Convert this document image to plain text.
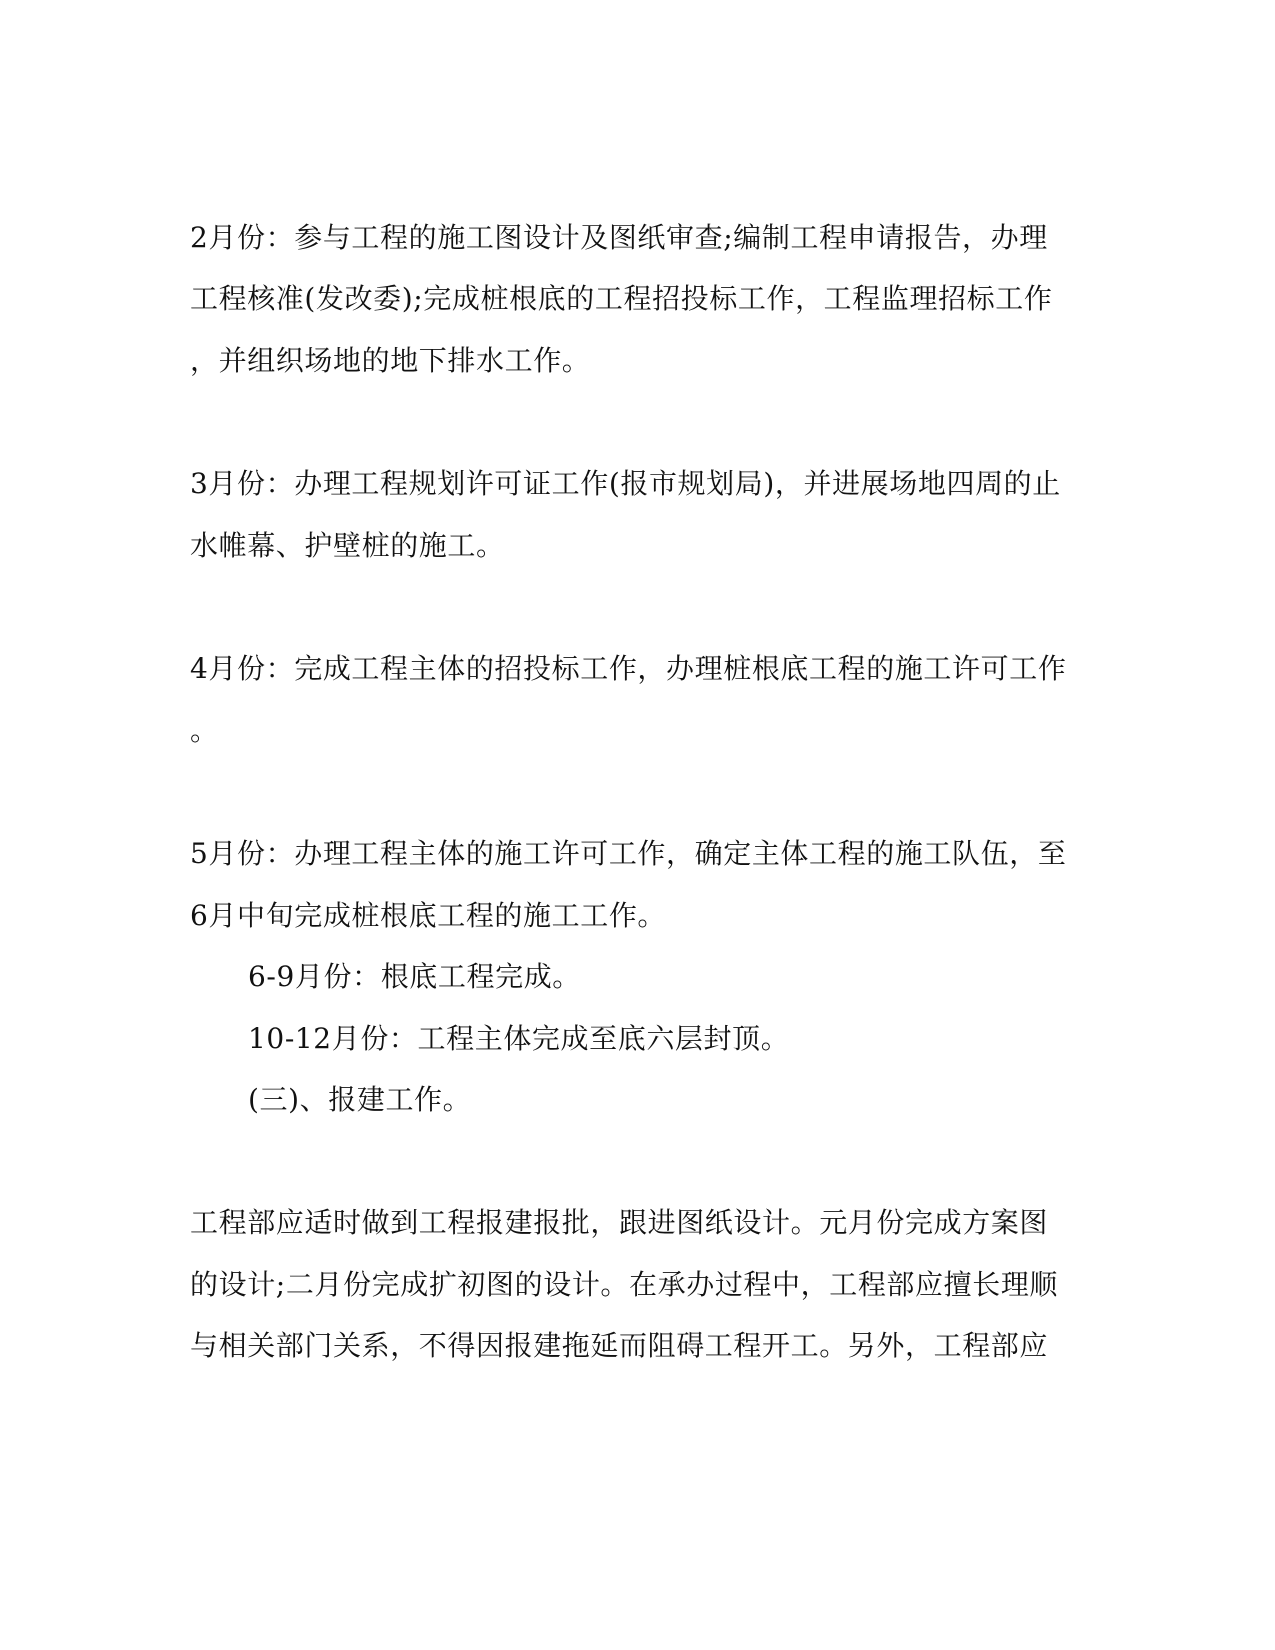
2月份：参与工程的施工图设计及图纸审查;编制工程申请报告，办理
工程核准(发改委);完成桩根底的工程招投标工作，工程监理招标工作
，并组织场地的地下排水工作。
3月份：办理工程规划许可证工作(报市规划局)，并进展场地四周的止
水帷幕、护壁桩的施工。
4月份：完成工程主体的招投标工作，办理桩根底工程的施工许可工作
。
5月份：办理工程主体的施工许可工作，确定主体工程的施工队伍，至
6月中旬完成桩根底工程的施工工作。
6-9月份：根底工程完成。
10-12月份：工程主体完成至底六层封顶。
(三)、报建工作。
工程部应适时做到工程报建报批，跟进图纸设计。元月份完成方案图
的设计;二月份完成扩初图的设计。在承办过程中，工程部应擅长理顺
与相关部门关系，不得因报建拖延而阻碍工程开工。另外，工程部应
